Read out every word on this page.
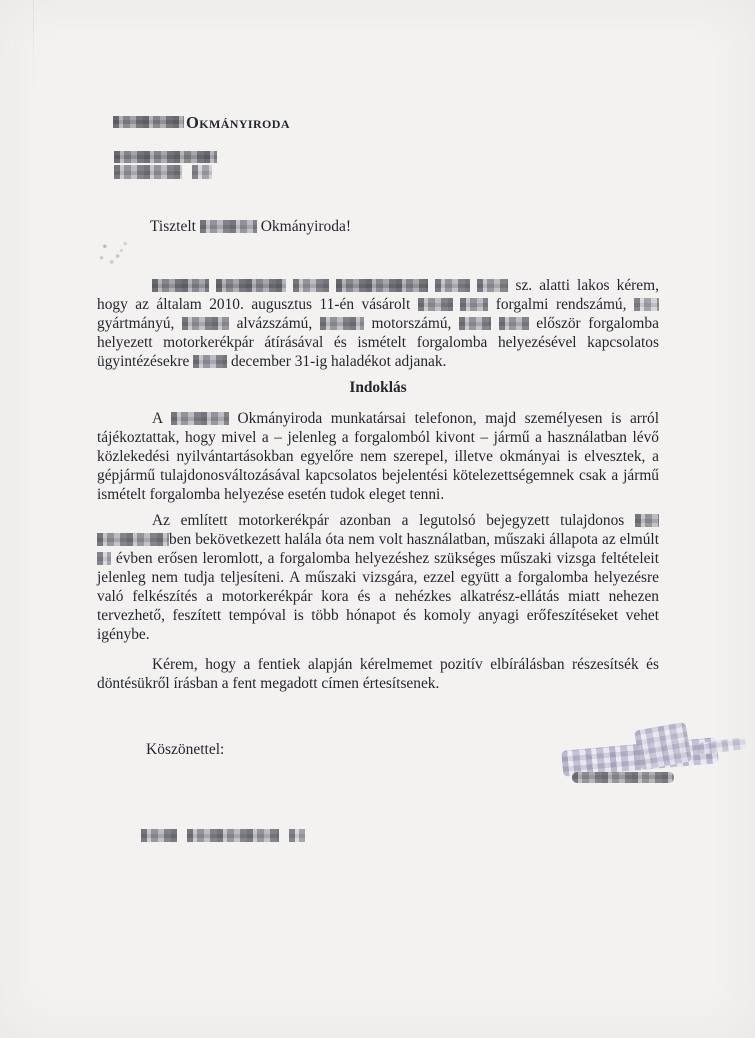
Okmányiroda
Tisztelt	Okmányiroda!

sz. alatti lakos kérem, hogy az általam 2010. augusztus 11-én vásárolt	forgalmi rendszámú,  gyártmányú,	alvázszámú,	motorszámú,	először forgalomba helyezett motorkerékpár átírásával és ismételt forgalomba helyezésével kapcsolatos ügyintézésekre	december 31-ig haladékot adjanak.

Indoklás

A	Okmányiroda munkatársai telefonon, majd személyesen is arról tájékoztattak, hogy mivel a – jelenleg a forgalomból kivont – jármű a használatban lévő közlekedési nyilvántartásokban egyelőre nem szerepel, illetve okmányai is elvesztek, a gépjármű tulajdonosváltozásával kapcsolatos bejelentési kötelezettségemnek csak a jármű ismételt forgalomba helyezése esetén tudok eleget tenni.

Az említett motorkerékpár azonban a legutolsó bejegyzett tulajdonos  ben bekövetkezett halála óta nem volt használatban, műszaki állapota az elmúlt  évben erősen leromlott, a forgalomba helyezéshez szükséges műszaki vizsga feltételeit jelenleg nem tudja teljesíteni. A műszaki vizsgára, ezzel együtt a forgalomba helyezésre való felkészítés a motorkerékpár kora és a nehézkes alkatrész-ellátás miatt nehezen tervezhető, feszített tempóval is több hónapot és komoly anyagi erőfeszítéseket vehet igénybe.

Kérem, hogy a fentiek alapján kérelmemet pozitív elbírálásban részesítsék és döntésükről írásban a fent megadott címen értesítsenek.

Köszönettel:
